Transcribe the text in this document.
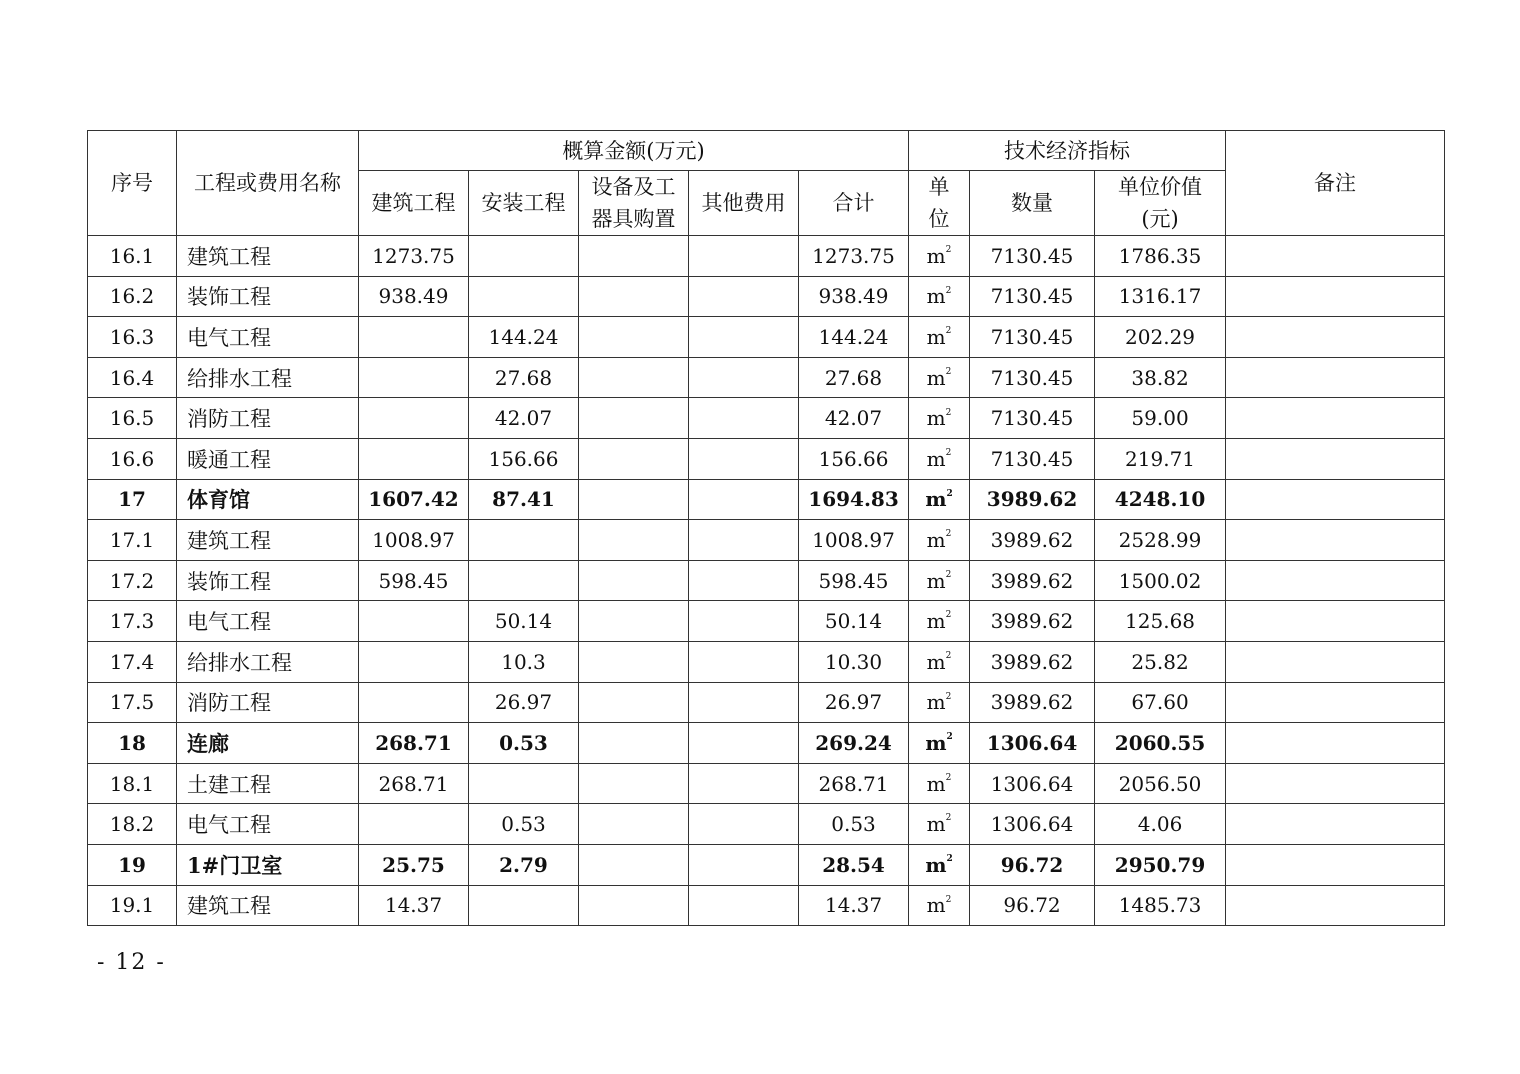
序号	工程或费用名称	概算金额(万元)					技术经济指标			备注
		建筑工程	安装工程	设备及工器具购置	其他费用	合计	单位	数量	单位价值(元)	
16.1	建筑工程	1273.75				1273.75	$m^2$	7130.45	1786.35	
16.2	装饰工程	938.49				938.49	$m^2$	7130.45	1316.17	
16.3	电气工程		144.24			144.24	$m^2$	7130.45	202.29	
16.4	给排水工程		27.68			27.68	$m^2$	7130.45	38.82	
16.5	消防工程		42.07			42.07	$m^2$	7130.45	59.00	
16.6	暖通工程		156.66			156.66	$m^2$	7130.45	219.71	
17	体育馆	1607.42	87.41			1694.83	$m^2$	3989.62	4248.10	
17.1	建筑工程	1008.97				1008.97	$m^2$	3989.62	2528.99	
17.2	装饰工程	598.45				598.45	$m^2$	3989.62	1500.02	
17.3	电气工程		50.14			50.14	$m^2$	3989.62	125.68	
17.4	给排水工程		10.3			10.30	$m^2$	3989.62	25.82	
17.5	消防工程		26.97			26.97	$m^2$	3989.62	67.60	
18	连廊	268.71	0.53			269.24	$m^2$	1306.64	2060.55	
18.1	土建工程	268.71				268.71	$m^2$	1306.64	2056.50	
18.2	电气工程		0.53			0.53	$m^2$	1306.64	4.06	
19	1#门卫室	25.75	2.79			28.54	$m^2$	96.72	2950.79	
19.1	建筑工程	14.37				14.37	$m^2$	96.72	1485.73	
- 12 -
